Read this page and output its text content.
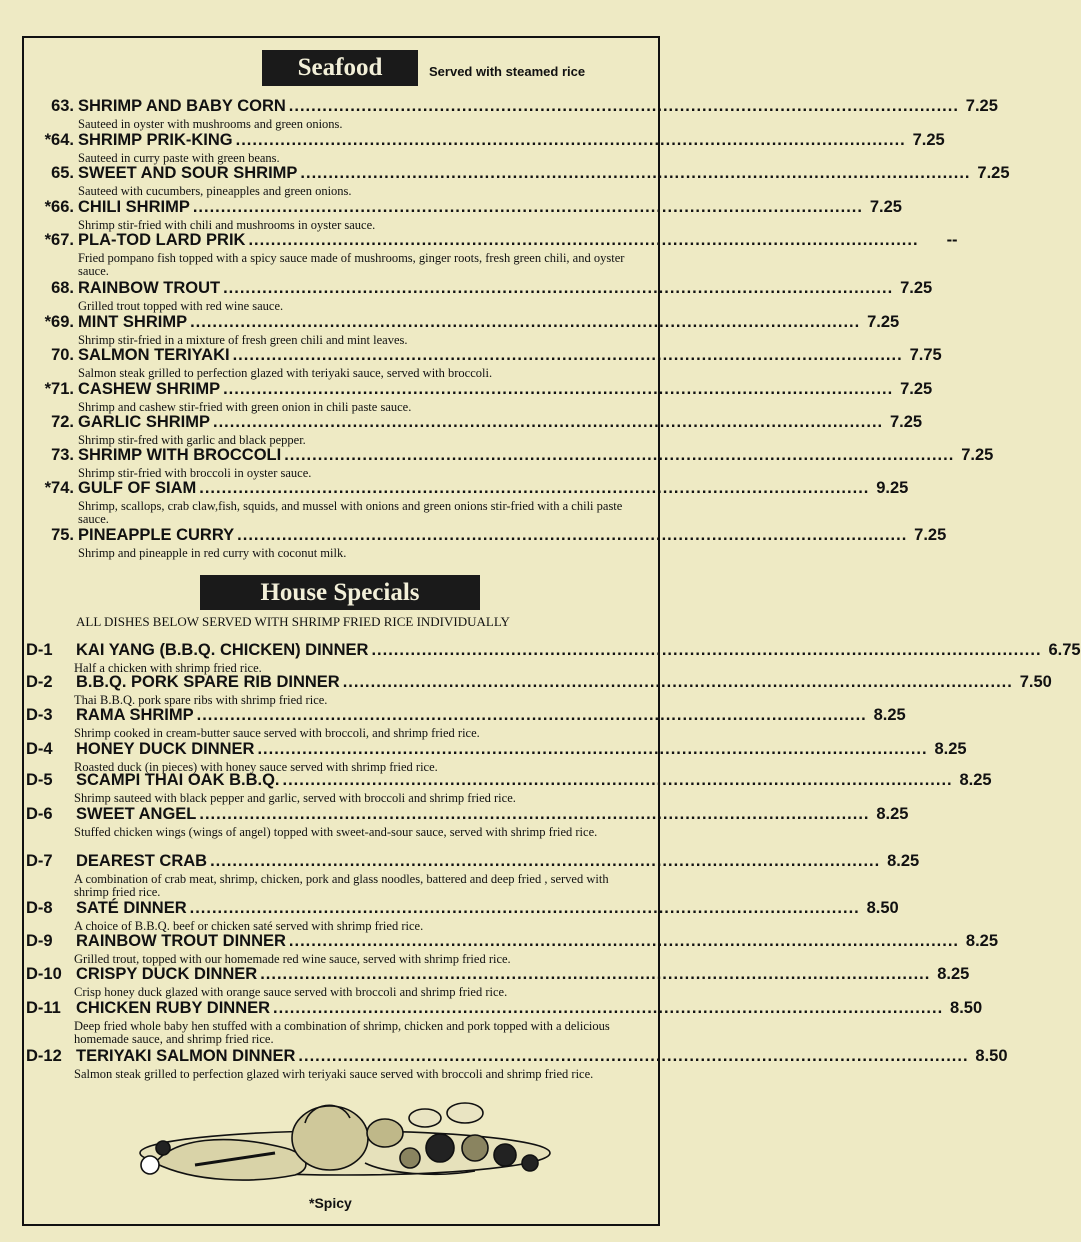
Seafood	Served with steamed rice
63. SHRIMP AND BABY CORN ........................................................................................................................ 7.25
Sauteed in oyster with mushrooms and green onions.
*64. SHRIMP PRIK-KING ........................................................................................................................ 7.25
Sauteed in curry paste with green beans.
65. SWEET AND SOUR SHRIMP ........................................................................................................................ 7.25
Sauteed with cucumbers, pineapples and green onions.
*66. CHILI SHRIMP ........................................................................................................................ 7.25
Shrimp stir-fried with chili and mushrooms in oyster sauce.
*67. PLA-TOD LARD PRIK ........................................................................................................................	--
Fried pompano fish topped with a spicy sauce made of mushrooms, ginger roots, fresh green chili, and oyster sauce.
68. RAINBOW TROUT ........................................................................................................................ 7.25
Grilled trout topped with red wine sauce.
*69. MINT SHRIMP ........................................................................................................................ 7.25
Shrimp stir-fried in a mixture of fresh green chili and mint leaves.
70. SALMON TERIYAKI ........................................................................................................................ 7.75
Salmon steak grilled to perfection glazed with teriyaki sauce, served with broccoli.
*71. CASHEW SHRIMP ........................................................................................................................ 7.25
Shrimp and cashew stir-fried with green onion in chili paste sauce.
72. GARLIC SHRIMP ........................................................................................................................ 7.25
Shrimp stir-fred with garlic and black pepper.
73. SHRIMP WITH BROCCOLI ........................................................................................................................ 7.25
Shrimp stir-fried with broccoli in oyster sauce.
*74. GULF OF SIAM ........................................................................................................................ 9.25
Shrimp, scallops, crab claw,fish, squids, and mussel with onions and green onions stir-fried with a chili paste sauce.
75. PINEAPPLE CURRY ........................................................................................................................ 7.25
Shrimp and pineapple in red curry with coconut milk.
House Specials
ALL DISHES BELOW SERVED WITH SHRIMP FRIED RICE INDIVIDUALLY
D-1	KAI YANG (B.B.Q. CHICKEN) DINNER ........................................................................................................................ 6.75
Half a chicken with shrimp fried rice.
D-2	B.B.Q. PORK SPARE RIB DINNER ........................................................................................................................ 7.50
Thai B.B.Q. pork spare ribs with shrimp fried rice.
D-3	RAMA SHRIMP ........................................................................................................................ 8.25
Shrimp cooked in cream-butter sauce served with broccoli, and shrimp fried rice.
D-4	HONEY DUCK DINNER ........................................................................................................................ 8.25
Roasted duck (in pieces) with honey sauce served with shrimp fried rice.
D-5	SCAMPI THAI OAK B.B.Q. ........................................................................................................................ 8.25
Shrimp sauteed with black pepper and garlic, served with broccoli and shrimp fried rice.
D-6	SWEET ANGEL ........................................................................................................................ 8.25
Stuffed chicken wings (wings of angel) topped with sweet-and-sour sauce, served with shrimp fried rice.
D-7	DEAREST CRAB ........................................................................................................................ 8.25
A combination of crab meat, shrimp, chicken, pork and glass noodles, battered and deep fried , served with shrimp fried rice.
D-8	SATÉ DINNER ........................................................................................................................ 8.50
A choice of B.B.Q. beef or chicken saté served with shrimp fried rice.
D-9	RAINBOW TROUT DINNER ........................................................................................................................ 8.25
Grilled trout, topped with our homemade red wine sauce, served with shrimp fried rice.
D-10 CRISPY DUCK DINNER ........................................................................................................................ 8.25
Crisp honey duck glazed with orange sauce served with broccoli and shrimp fried rice.
D-11 CHICKEN RUBY DINNER ........................................................................................................................ 8.50
Deep fried whole baby hen stuffed with a combination of shrimp, chicken and pork topped with a delicious homemade sauce, and shrimp fried rice.
D-12 TERIYAKI SALMON DINNER ........................................................................................................................ 8.50
Salmon steak grilled to perfection glazed wirh teriyaki sauce served with broccoli and shrimp fried rice.
*Spicy
